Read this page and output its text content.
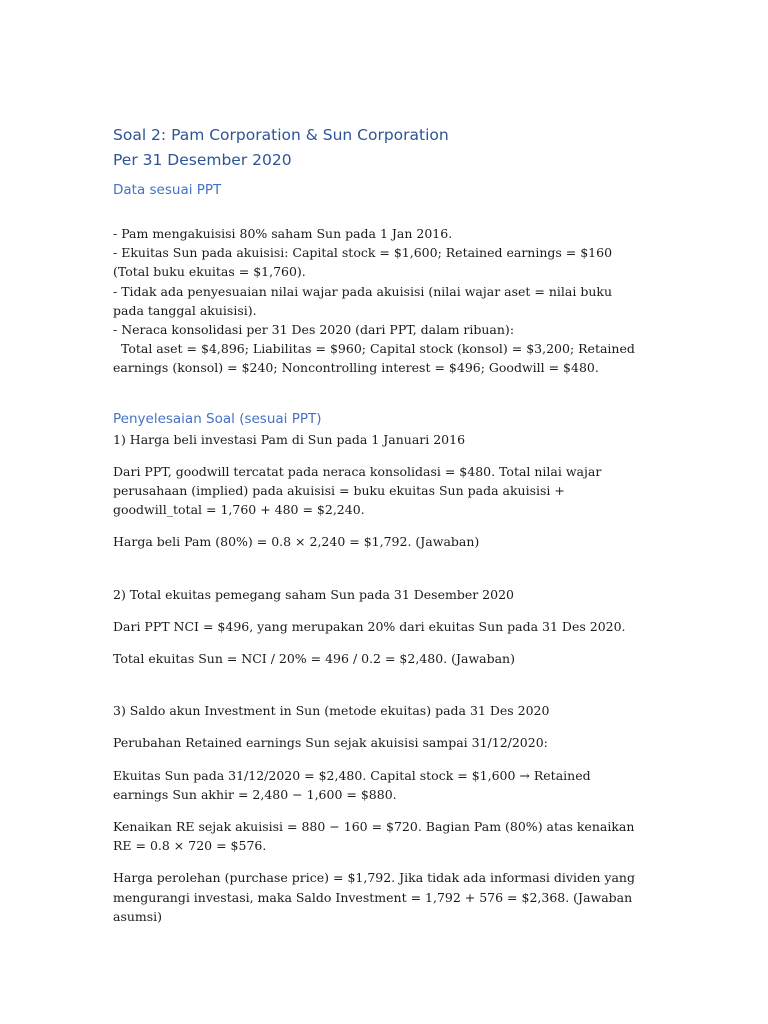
Soal 2: Pam Corporation & Sun Corporation
Per 31 Desember 2020
Data sesuai PPT

- Pam mengakuisisi 80% saham Sun pada 1 Jan 2016.

- Ekuitas Sun pada akuisisi: Capital stock = $1,600; Retained earnings = $160 (Total buku ekuitas = $1,760).

- Tidak ada penyesuaian nilai wajar pada akuisisi (nilai wajar aset = nilai buku pada tanggal akuisisi).

- Neraca konsolidasi per 31 Des 2020 (dari PPT, dalam ribuan):

Total aset = $4,896; Liabilitas = $960; Capital stock (konsol) = $3,200; Retained earnings (konsol) = $240; Noncontrolling interest = $496; Goodwill = $480.

Penyelesaian Soal (sesuai PPT)

1) Harga beli investasi Pam di Sun pada 1 Januari 2016

Dari PPT, goodwill tercatat pada neraca konsolidasi = $480. Total nilai wajar perusahaan (implied) pada akuisisi = buku ekuitas Sun pada akuisisi + goodwill_total = 1,760 + 480 = $2,240.

Harga beli Pam (80%) = 0.8 × 2,240 = $1,792. (Jawaban)

2) Total ekuitas pemegang saham Sun pada 31 Desember 2020

Dari PPT NCI = $496, yang merupakan 20% dari ekuitas Sun pada 31 Des 2020.

Total ekuitas Sun = NCI / 20% = 496 / 0.2 = $2,480. (Jawaban)

3) Saldo akun Investment in Sun (metode ekuitas) pada 31 Des 2020

Perubahan Retained earnings Sun sejak akuisisi sampai 31/12/2020:

Ekuitas Sun pada 31/12/2020 = $2,480. Capital stock = $1,600 → Retained earnings Sun akhir = 2,480 − 1,600 = $880.

Kenaikan RE sejak akuisisi = 880 − 160 = $720. Bagian Pam (80%) atas kenaikan RE = 0.8 × 720 = $576.

Harga perolehan (purchase price) = $1,792. Jika tidak ada informasi dividen yang mengurangi investasi, maka Saldo Investment = 1,792 + 576 = $2,368. (Jawaban asumsi)
